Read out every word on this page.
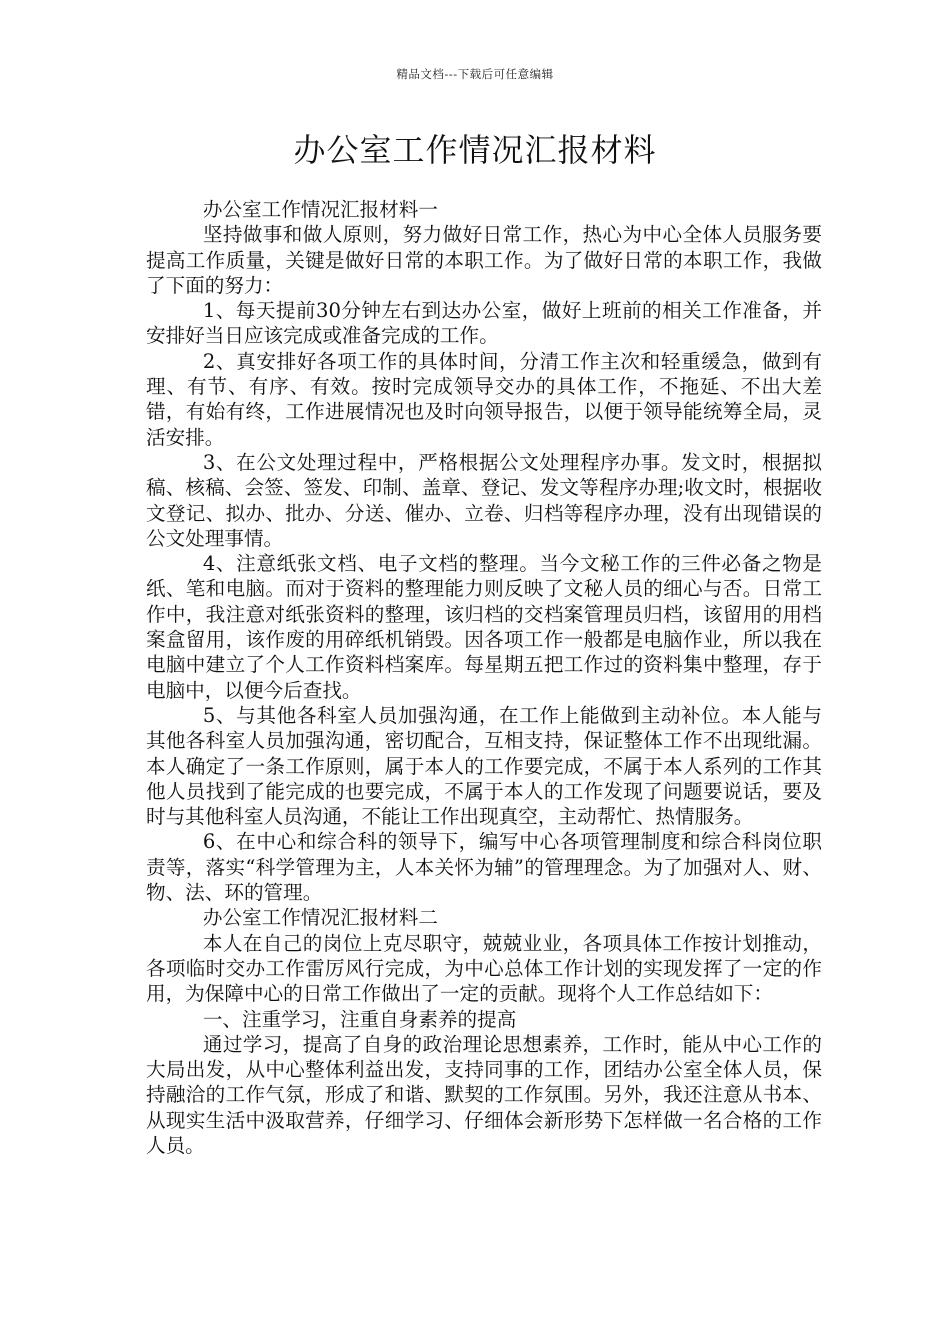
精品文档---下载后可任意编辑
办公室工作情况汇报材料

办公室工作情况汇报材料一

坚持做事和做人原则，努力做好日常工作，热心为中心全体人员服务要提高工作质量，关键是做好日常的本职工作。为了做好日常的本职工作，我做了下面的努力：

1、每天提前30分钟左右到达办公室，做好上班前的相关工作准备，并安排好当日应该完成或准备完成的工作。

2、真安排好各项工作的具体时间，分清工作主次和轻重缓急，做到有理、有节、有序、有效。按时完成领导交办的具体工作，不拖延、不出大差错，有始有终，工作进展情况也及时向领导报告，以便于领导能统筹全局，灵活安排。

3、在公文处理过程中，严格根据公文处理程序办事。发文时，根据拟稿、核稿、会签、签发、印制、盖章、登记、发文等程序办理;收文时，根据收文登记、拟办、批办、分送、催办、立卷、归档等程序办理，没有出现错误的公文处理事情。

4、注意纸张文档、电子文档的整理。当今文秘工作的三件必备之物是纸、笔和电脑。而对于资料的整理能力则反映了文秘人员的细心与否。日常工作中，我注意对纸张资料的整理，该归档的交档案管理员归档，该留用的用档案盒留用，该作废的用碎纸机销毁。因各项工作一般都是电脑作业，所以我在电脑中建立了个人工作资料档案库。每星期五把工作过的资料集中整理，存于电脑中，以便今后查找。

5、与其他各科室人员加强沟通，在工作上能做到主动补位。本人能与其他各科室人员加强沟通，密切配合，互相支持，保证整体工作不出现纰漏。本人确定了一条工作原则，属于本人的工作要完成，不属于本人系列的工作其他人员找到了能完成的也要完成，不属于本人的工作发现了问题要说话，要及时与其他科室人员沟通，不能让工作出现真空，主动帮忙、热情服务。

6、在中心和综合科的领导下，编写中心各项管理制度和综合科岗位职责等，落实“科学管理为主，人本关怀为辅”的管理理念。为了加强对人、财、物、法、环的管理。

办公室工作情况汇报材料二

本人在自己的岗位上克尽职守，兢兢业业，各项具体工作按计划推动，各项临时交办工作雷厉风行完成，为中心总体工作计划的实现发挥了一定的作用，为保障中心的日常工作做出了一定的贡献。现将个人工作总结如下：

一、注重学习，注重自身素养的提高

通过学习，提高了自身的政治理论思想素养，工作时，能从中心工作的大局出发，从中心整体利益出发，支持同事的工作，团结办公室全体人员，保持融洽的工作气氛，形成了和谐、默契的工作氛围。另外，我还注意从书本、从现实生活中汲取营养，仔细学习、仔细体会新形势下怎样做一名合格的工作人员。
